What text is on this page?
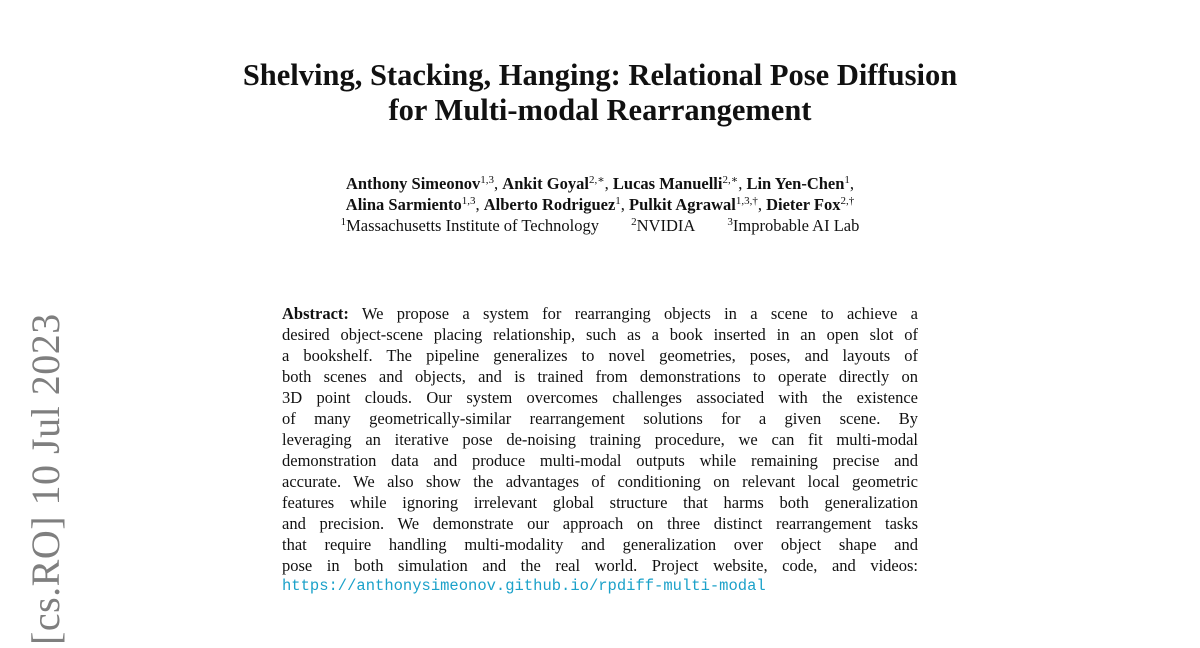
[cs.RO] 10 Jul 2023
Shelving, Stacking, Hanging: Relational Pose Diffusion
for Multi-modal Rearrangement
Anthony Simeonov$^{1,3}$, Ankit Goyal$^{2,∗}$, Lucas Manuelli$^{2,∗}$, Lin Yen-Chen$^1$,
Alina Sarmiento$^{1,3}$, Alberto Rodriguez$^1$, Pulkit Agrawal$^{1,3,\dagger}$, Dieter Fox$^{2,\dagger}$
$^1$Massachusetts Institute of Technology	$^2$NVIDIA	$^3$Improbable AI Lab
Abstract: We propose a system for rearranging objects in a scene to achieve a
desired object-scene placing relationship, such as a book inserted in an open slot of
a bookshelf. The pipeline generalizes to novel geometries, poses, and layouts of
both scenes and objects, and is trained from demonstrations to operate directly on
3D point clouds. Our system overcomes challenges associated with the existence
of many geometrically-similar rearrangement solutions for a given scene. By
leveraging an iterative pose de-noising training procedure, we can fit multi-modal
demonstration data and produce multi-modal outputs while remaining precise and
accurate. We also show the advantages of conditioning on relevant local geometric
features while ignoring irrelevant global structure that harms both generalization
and precision. We demonstrate our approach on three distinct rearrangement tasks
that require handling multi-modality and generalization over object shape and
pose in both simulation and the real world. Project website, code, and videos:
https://anthonysimeonov.github.io/rpdiff-multi-modal
